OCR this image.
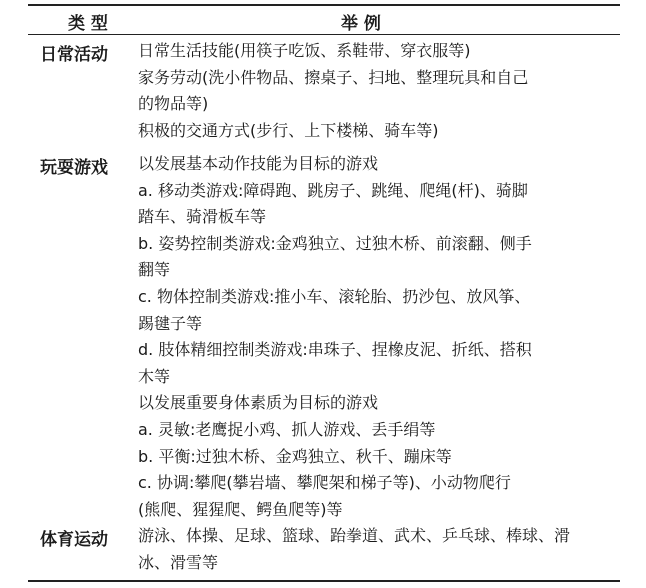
类 型	举 例
日常活动 日常生活技能(用筷子吃饭、系鞋带、穿衣服等)
家务劳动(洗小件物品、擦桌子、扫地、整理玩具和自己
的物品等)
积极的交通方式(步行、上下楼梯、骑车等)
玩耍游戏 以发展基本动作技能为目标的游戏
a. 移动类游戏:障碍跑、跳房子、跳绳、爬绳(杆)、骑脚
踏车、骑滑板车等
b. 姿势控制类游戏:金鸡独立、过独木桥、前滚翻、侧手
翻等
c. 物体控制类游戏:推小车、滚轮胎、扔沙包、放风筝、
踢毽子等
d. 肢体精细控制类游戏:串珠子、捏橡皮泥、折纸、搭积
木等
以发展重要身体素质为目标的游戏
a. 灵敏:老鹰捉小鸡、抓人游戏、丢手绢等
b. 平衡:过独木桥、金鸡独立、秋千、蹦床等
c. 协调:攀爬(攀岩墙、攀爬架和梯子等)、小动物爬行
(熊爬、猩猩爬、鳄鱼爬等)等
体育运动 游泳、体操、足球、篮球、跆拳道、武术、乒乓球、棒球、滑
冰、滑雪等
